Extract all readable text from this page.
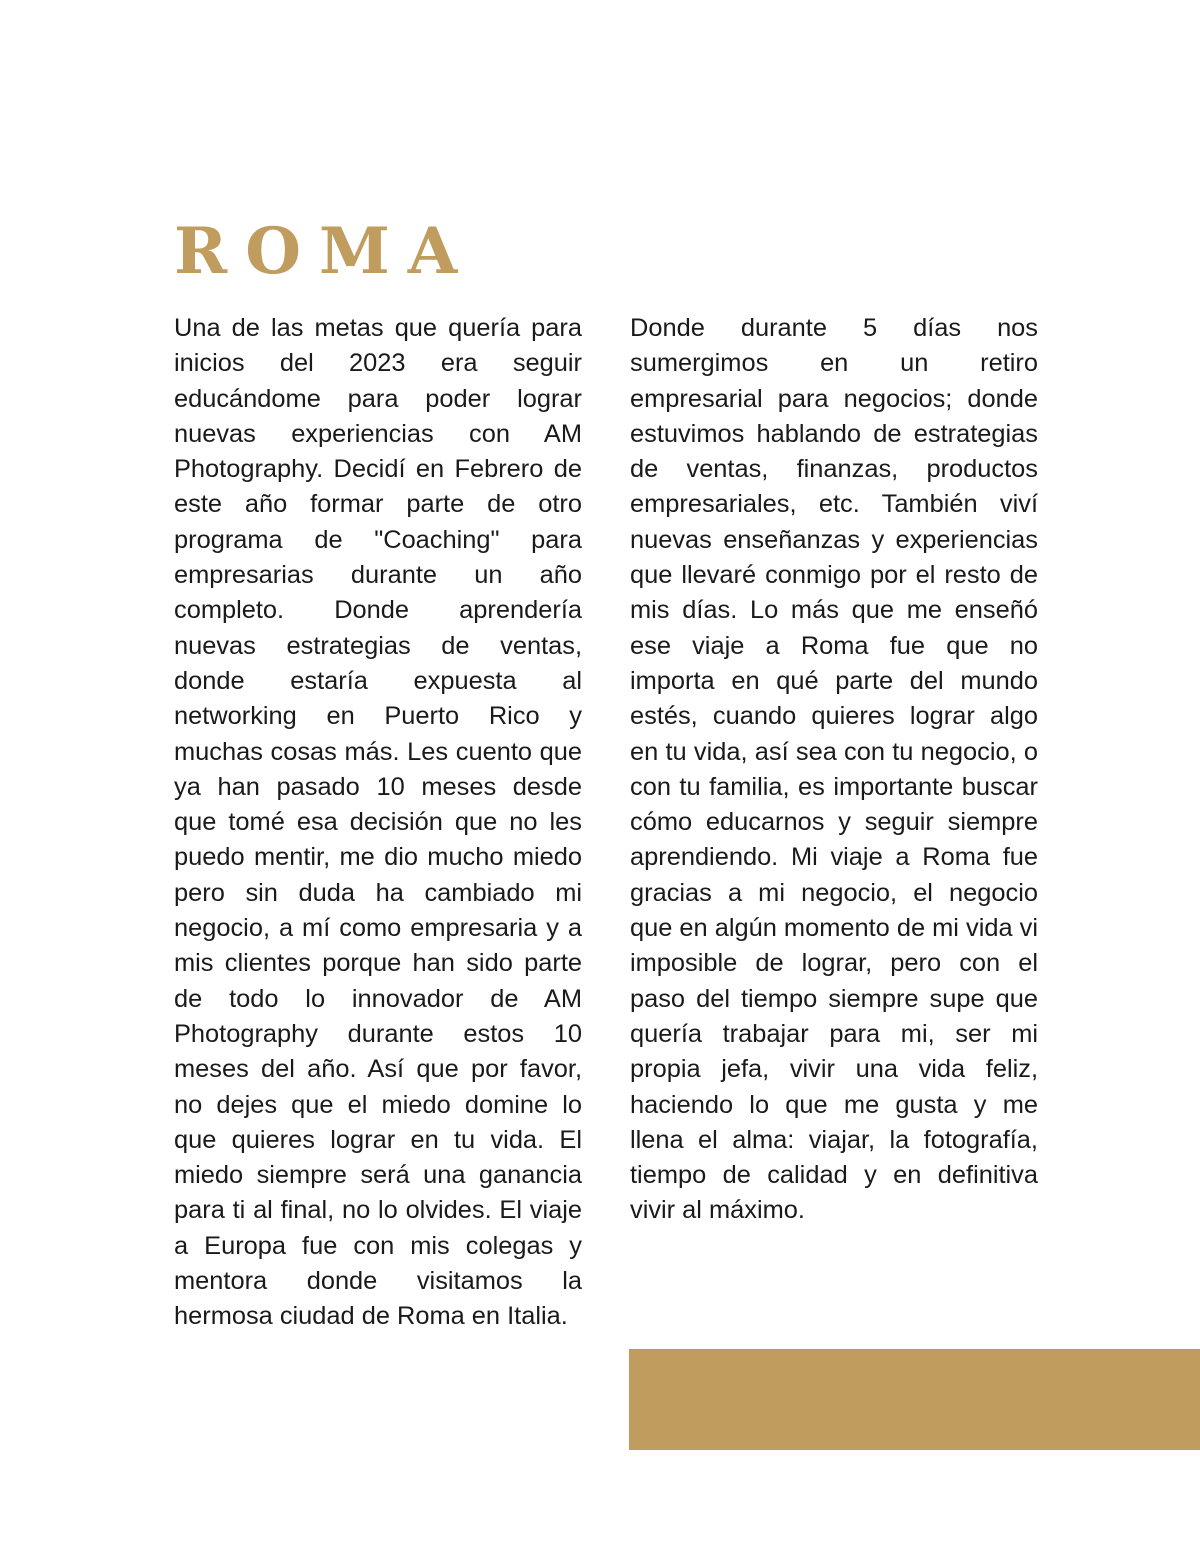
ROMA

Una de las metas que quería para inicios del 2023 era seguir educándome para poder lograr nuevas experiencias con AM Photography. Decidí en Febrero de este año formar parte de otro programa de "Coaching" para empresarias durante un año completo. Donde aprendería nuevas estrategias de ventas, donde estaría expuesta al networking en Puerto Rico y muchas cosas más. Les cuento que ya han pasado 10 meses desde que tomé esa decisión que no les puedo mentir, me dio mucho miedo pero sin duda ha cambiado mi negocio, a mí como empresaria y a mis clientes porque han sido parte de todo lo innovador de AM Photography durante estos 10 meses del año. Así que por favor, no dejes que el miedo domine lo que quieres lograr en tu vida. El miedo siempre será una ganancia para ti al final, no lo olvides. El viaje a Europa fue con mis colegas y mentora donde visitamos la hermosa ciudad de Roma en Italia.

Donde durante 5 días nos sumergimos en un retiro empresarial para negocios; donde estuvimos hablando de estrategias de ventas, finanzas, productos empresariales, etc. También viví nuevas enseñanzas y experiencias que llevaré conmigo por el resto de mis días. Lo más que me enseñó ese viaje a Roma fue que no importa en qué parte del mundo estés, cuando quieres lograr algo en tu vida, así sea con tu negocio, o con tu familia, es importante buscar cómo educarnos y seguir siempre aprendiendo. Mi viaje a Roma fue gracias a mi negocio, el negocio que en algún momento de mi vida vi imposible de lograr, pero con el paso del tiempo siempre supe que quería trabajar para mi, ser mi propia jefa, vivir una vida feliz, haciendo lo que me gusta y me llena el alma: viajar, la fotografía, tiempo de calidad y en definitiva vivir al máximo.
